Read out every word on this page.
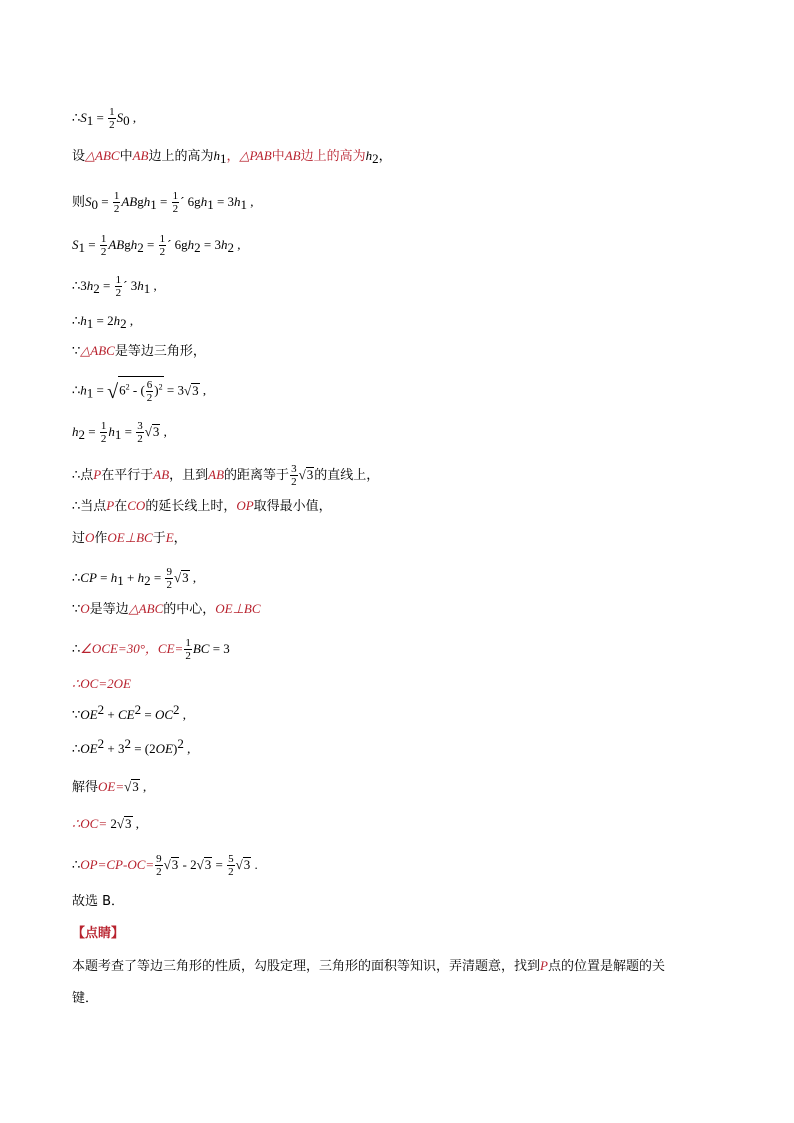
$\therefore S_1 = \frac{1}{2} S_0$ ,
设△ABC中AB边上的高为$h_1$，△PAB中AB边上的高为$h_2$，
则$S_0 = \frac{1}{2}$ ABgh$_1$ = $\frac{1}{2}$ ´ $6gh_1 = 3h_1$ ,
$S_1 = \frac{1}{2}$ ABgh$_2$ = $\frac{1}{2}$ ´ $6gh_2 = 3h_2$ ,
$\therefore 3h_2 = \frac{1}{2}$ ´ $3h_1$ ,
$\therefore h_1 = 2h_2$ ,
∵△ABC是等边三角形，
$\therefore h_1 = √6^2$ - ( $\frac{6}{2} )^2 = 3√3$ ,
$h_2 = \frac{1}{2} h_1 = \frac{3}{2} √3$ ,
∴点P在平行于AB，且到AB的距离等于 $\frac{3}{2} √3$的直线上，
∴当点P在CO的延长线上时，OP取得最小值，
过O作OE⊥BC于E，
∴CP = $h_1 + h_2 = \frac{9}{2} √3$ ,
∵O是等边△ABC的中心，OE⊥BC
∴∠OCE=30°，$CE= \frac{1}{2}$ BC = 3
∴OC=2OE
$\because OE^2 + CE^2 = OC^2$ ,
$\therefore OE^2 + 3^2 = (2OE)^2$ ,
解得OE=√3 ,
∴OC= 2√3 ,
∴OP=CP-OC= $\frac{9}{2} √3 - 2√3 = \frac{5}{2} √3$ .
故选 B．
【点睛】
本题考查了等边三角形的性质，勾股定理，三角形的面积等知识，弄清题意，找到P点的位置是解题的关
键．
